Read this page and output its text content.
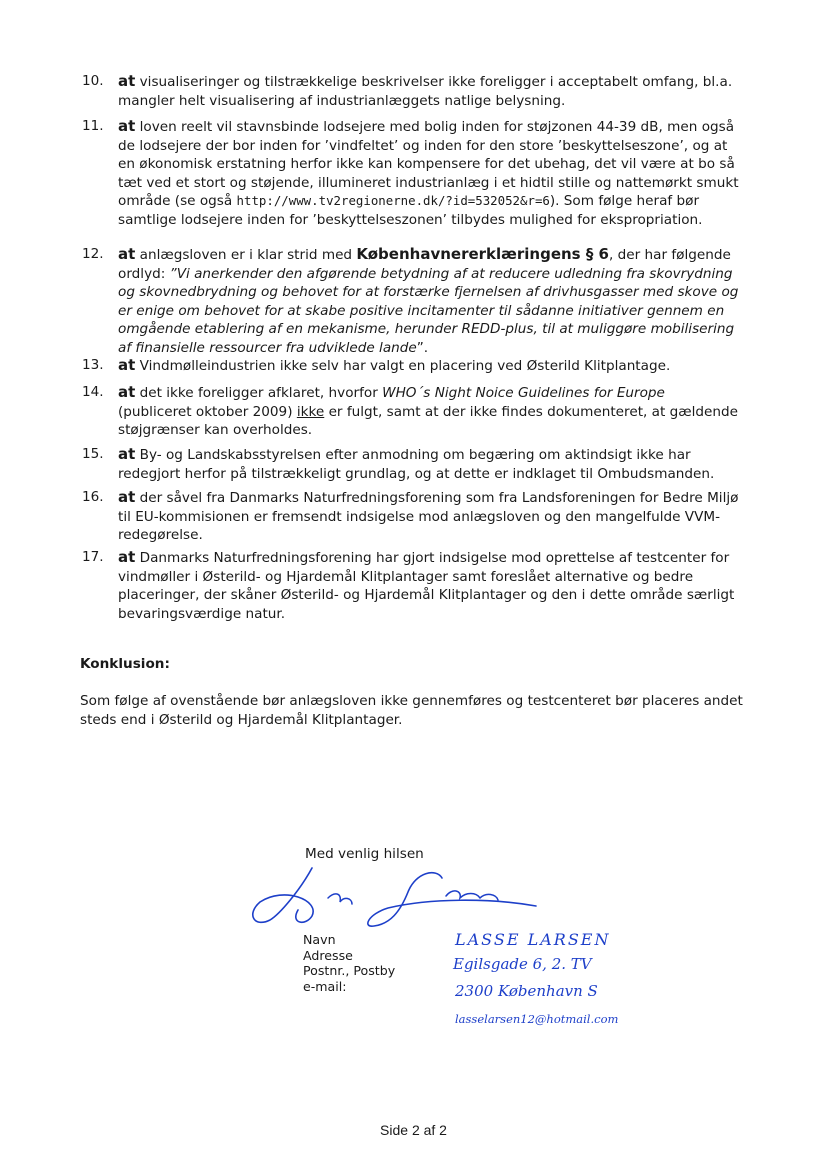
10. at visualiseringer og tilstrækkelige beskrivelser ikke foreligger i acceptabelt omfang, bl.a. mangler helt visualisering af industrianlæggets natlige belysning.
11. at loven reelt vil stavnsbinde lodsejere med bolig inden for støjzonen 44-39 dB, men også de lodsejere der bor inden for ’vindfeltet’ og inden for den store ’beskyttelseszone’, og at en økonomisk erstatning herfor ikke kan kompensere for det ubehag, det vil være at bo så tæt ved et stort og støjende, illumineret industrianlæg i et hidtil stille og nattemørkt smukt område (se også http://www.tv2regionerne.dk/?id=532052&r=6). Som følge heraf bør samtlige lodsejere inden for ’beskyttelseszonen’ tilbydes mulighed for ekspropriation.
12. at anlægsloven er i klar strid med Københavnererklæringens § 6, der har følgende ordlyd: ”Vi anerkender den afgørende betydning af at reducere udledning fra skovrydning og skovnedbrydning og behovet for at forstærke fjernelsen af drivhusgasser med skove og er enige om behovet for at skabe positive incitamenter til sådanne initiativer gennem en omgående etablering af en mekanisme, herunder REDD-plus, til at muliggøre mobilisering af finansielle ressourcer fra udviklede lande”.
13. at Vindmølleindustrien ikke selv har valgt en placering ved Østerild Klitplantage.
14. at det ikke foreligger afklaret, hvorfor WHO´s Night Noice Guidelines for Europe (publiceret oktober 2009) ikke er fulgt, samt at der ikke findes dokumenteret, at gældende støjgrænser kan overholdes.
15. at By- og Landskabsstyrelsen efter anmodning om begæring om aktindsigt ikke har redegjort herfor på tilstrækkeligt grundlag, og at dette er indklaget til Ombudsmanden.
16. at der såvel fra Danmarks Naturfredningsforening som fra Landsforeningen for Bedre Miljø til EU-kommisionen er fremsendt indsigelse mod anlægsloven og den mangelfulde VVM-redegørelse.
17. at Danmarks Naturfredningsforening har gjort indsigelse mod oprettelse af testcenter for vindmøller i Østerild- og Hjardemål Klitplantager samt foreslået alternative og bedre placeringer, der skåner Østerild- og Hjardemål Klitplantager og den i dette område særligt bevaringsværdige natur.
Konklusion:
Som følge af ovenstående bør anlægsloven ikke gennemføres og testcenteret bør placeres andet steds end i Østerild og Hjardemål Klitplantager.
Med venlig hilsen
Navn
Adresse
Postnr., Postby
e-mail:
LASSE LARSEN
Egilsgade 6, 2. TV
2300 København S
lasselarsen12@hotmail.com
Side 2 af 2
